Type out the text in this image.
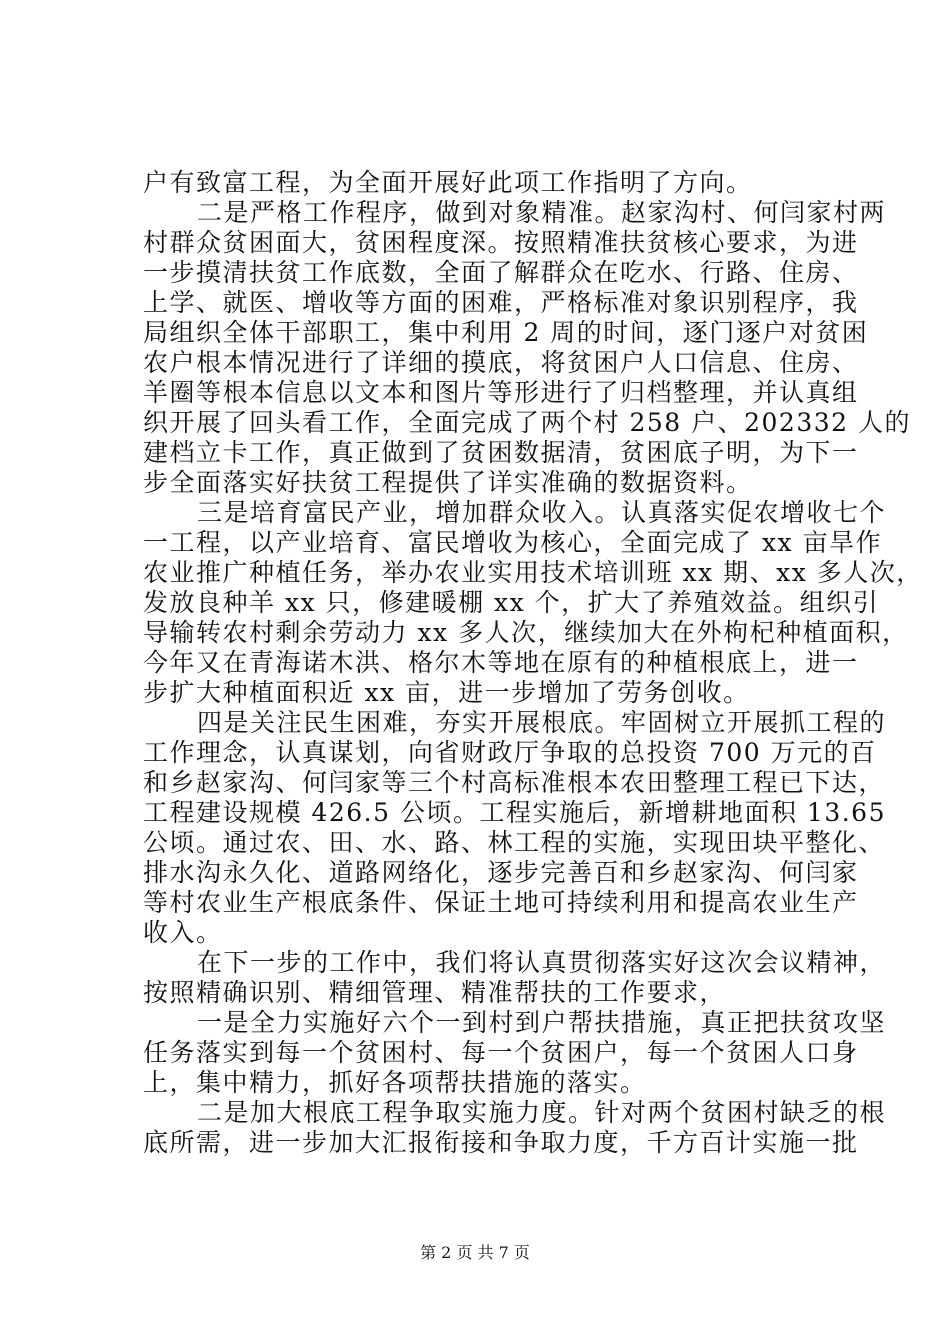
户有致富工程，为全面开展好此项工作指明了方向。
二是严格工作程序，做到对象精准。赵家沟村、何闫家村两
村群众贫困面大，贫困程度深。按照精准扶贫核心要求，为进
一步摸清扶贫工作底数，全面了解群众在吃水、行路、住房、
上学、就医、增收等方面的困难，严格标准对象识别程序，我
局组织全体干部职工，集中利用 2 周的时间，逐门逐户对贫困
农户根本情况进行了详细的摸底，将贫困户人口信息、住房、
羊圈等根本信息以文本和图片等形进行了归档整理，并认真组
织开展了回头看工作，全面完成了两个村 258 户、202332 人的
建档立卡工作，真正做到了贫困数据清，贫困底子明，为下一
步全面落实好扶贫工程提供了详实准确的数据资料。
三是培育富民产业，增加群众收入。认真落实促农增收七个
一工程，以产业培育、富民增收为核心，全面完成了 xx 亩旱作
农业推广种植任务，举办农业实用技术培训班 xx 期、xx 多人次，
发放良种羊 xx 只，修建暖棚 xx 个，扩大了养殖效益。组织引
导输转农村剩余劳动力 xx 多人次，继续加大在外枸杞种植面积，
今年又在青海诺木洪、格尔木等地在原有的种植根底上，进一
步扩大种植面积近 xx 亩，进一步增加了劳务创收。
四是关注民生困难，夯实开展根底。牢固树立开展抓工程的
工作理念，认真谋划，向省财政厅争取的总投资 700 万元的百
和乡赵家沟、何闫家等三个村高标准根本农田整理工程已下达，
工程建设规模 426.5 公顷。工程实施后，新增耕地面积 13.65
公顷。通过农、田、水、路、林工程的实施，实现田块平整化、
排水沟永久化、道路网络化，逐步完善百和乡赵家沟、何闫家
等村农业生产根底条件、保证土地可持续利用和提高农业生产
收入。
在下一步的工作中，我们将认真贯彻落实好这次会议精神，
按照精确识别、精细管理、精准帮扶的工作要求，
一是全力实施好六个一到村到户帮扶措施，真正把扶贫攻坚
任务落实到每一个贫困村、每一个贫困户，每一个贫困人口身
上，集中精力，抓好各项帮扶措施的落实。
二是加大根底工程争取实施力度。针对两个贫困村缺乏的根
底所需，进一步加大汇报衔接和争取力度，千方百计实施一批
第 2 页 共 7 页
